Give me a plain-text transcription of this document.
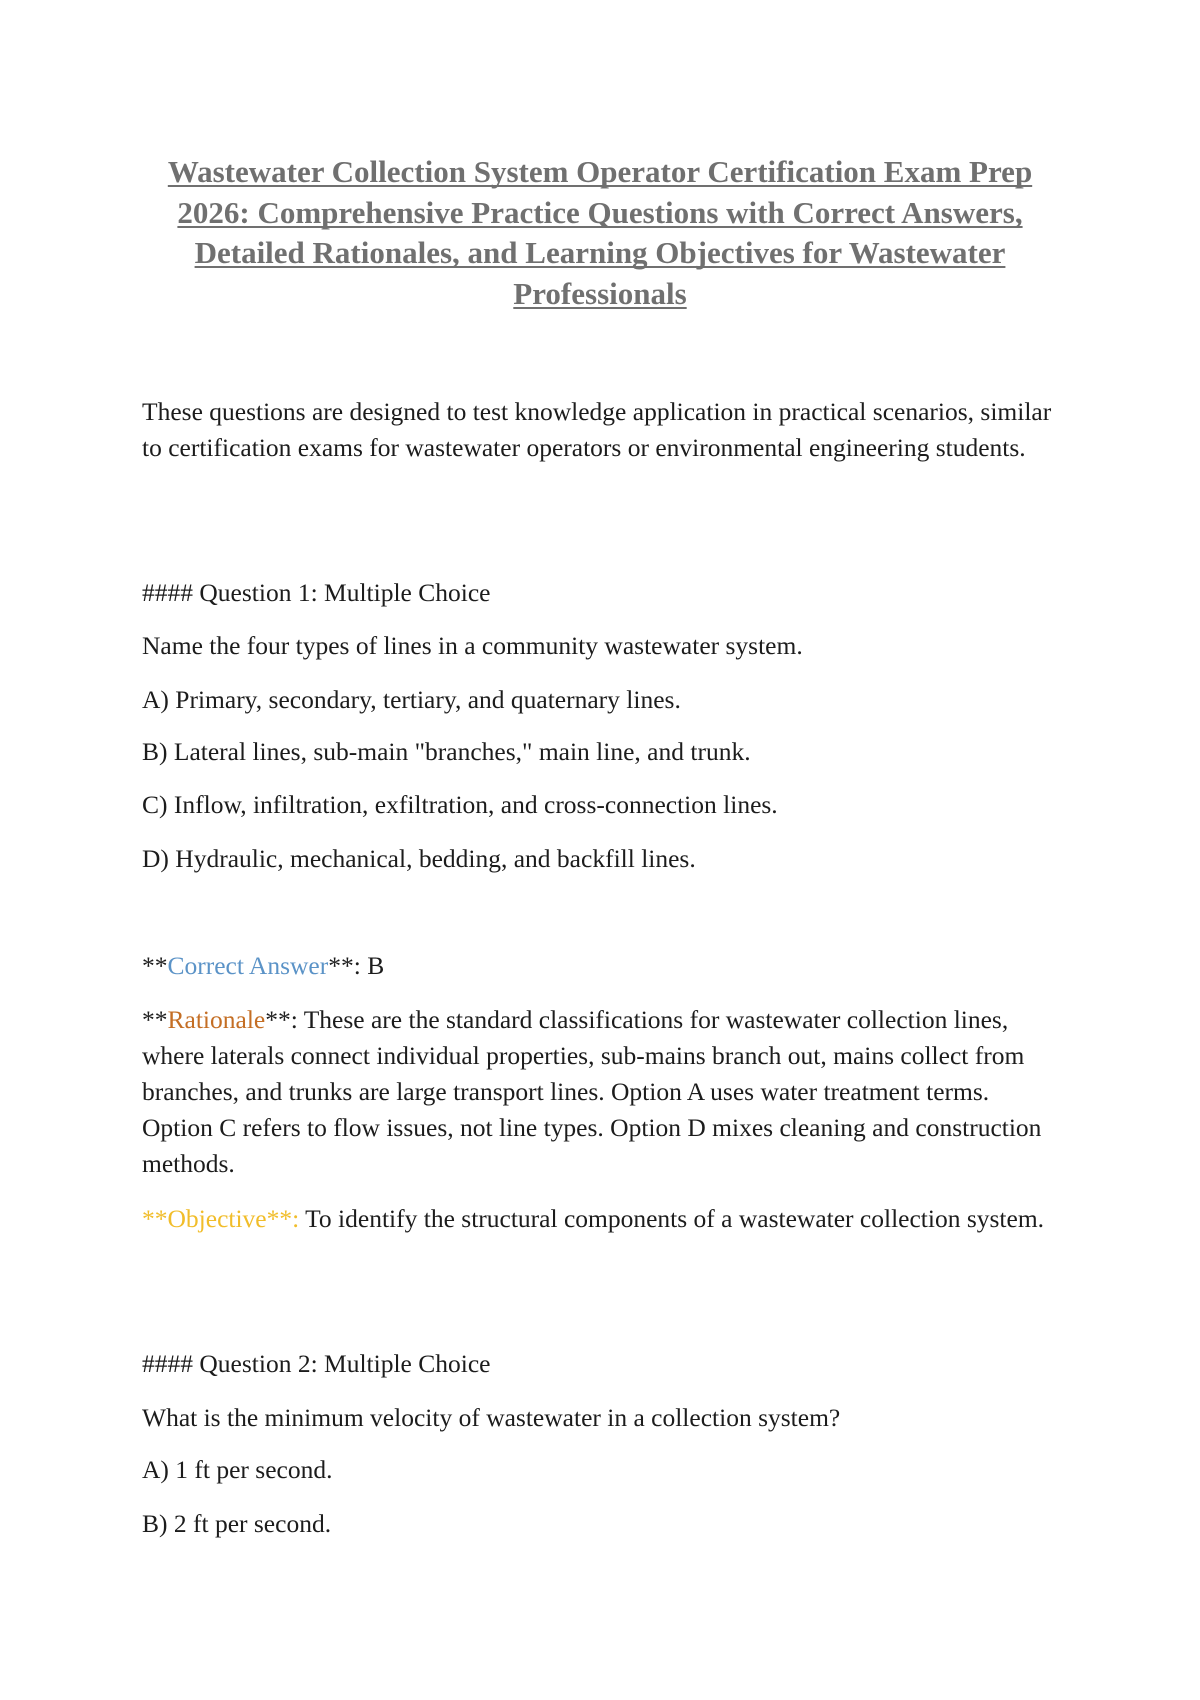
Wastewater Collection System Operator Certification Exam Prep 2026: Comprehensive Practice Questions with Correct Answers, Detailed Rationales, and Learning Objectives for Wastewater Professionals

These questions are designed to test knowledge application in practical scenarios, similar to certification exams for wastewater operators or environmental engineering students.

#### Question 1: Multiple Choice

Name the four types of lines in a community wastewater system.

A) Primary, secondary, tertiary, and quaternary lines.

B) Lateral lines, sub-main "branches," main line, and trunk.

C) Inflow, infiltration, exfiltration, and cross-connection lines.

D) Hydraulic, mechanical, bedding, and backfill lines.

**Correct Answer**: B

**Rationale**: These are the standard classifications for wastewater collection lines, where laterals connect individual properties, sub-mains branch out, mains collect from branches, and trunks are large transport lines. Option A uses water treatment terms. Option C refers to flow issues, not line types. Option D mixes cleaning and construction methods.

**Objective**: To identify the structural components of a wastewater collection system.

#### Question 2: Multiple Choice

What is the minimum velocity of wastewater in a collection system?

A) 1 ft per second.

B) 2 ft per second.
